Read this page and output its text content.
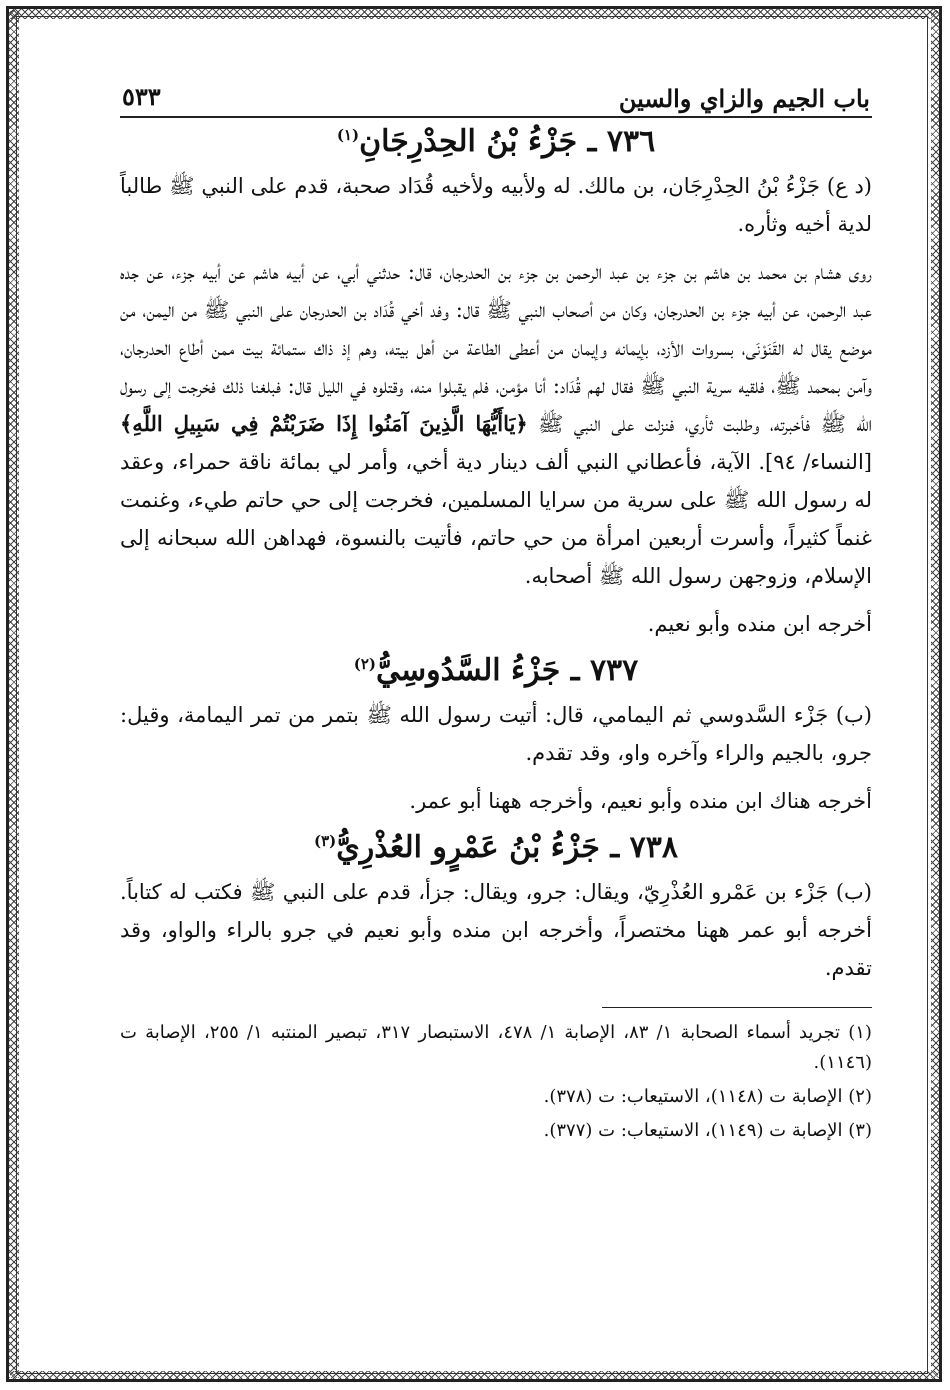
باب الجيم والزاي والسين
٥٣٣
٧٣٦ ـ جَزْءُ بْنُ الحِدْرِجَانِ$^{(١)}$

(د ع) جَزْءُ بْنُ الحِدْرِجَان، بن مالك. له ولأبيه ولأخيه قُدَاد صحبة، قدم على النبي ﷺ طالباً لدية أخيه وثأره.

روى هشام بن محمد بن هاشم بن جزء بن عبد الرحمن بن جزء بن الحدرجان، قال: حدثني أبي، عن أبيه هاشم عن أبيه جزء، عن جده عبد الرحمن، عن أبيه جزء بن الحدرجان، وكان من أصحاب النبي ﷺ قال: وفد أخي قُدَاد بن الحدرجان على النبي ﷺ من اليمن، من موضع يقال له القَنَوْنَى، بسروات الأزد، بإيمانه وإيمان من أعطى الطاعة من أهل بيته، وهم إذ ذاك ستمائة بيت ممن أطاع الحدرجان، وآمن بمحمد ﷺ، فلقيه سرية النبي ﷺ فقال لهم قُدَاد: أنا مؤمن، فلم يقبلوا منه، وقتلوه في الليل قال: فبلغنا ذلك فخرجت إلى رسول الله ﷺ فأخبرته، وطلبت ثأري، فنزلت على النبي ﷺ ﴿يَاأَيُّهَا الَّذِينَ آمَنُوا إِذَا ضَرَبْتُمْ فِي سَبِيلِ اللَّهِ﴾ [النساء/ ٩٤]. الآية، فأعطاني النبي ألف دينار دية أخي، وأمر لي بمائة ناقة حمراء، وعقد له رسول الله ﷺ على سرية من سرايا المسلمين، فخرجت إلى حي حاتم طيء، وغنمت غنماً كثيراً، وأسرت أربعين امرأة من حي حاتم، فأتيت بالنسوة، فهداهن الله سبحانه إلى الإسلام، وزوجهن رسول الله ﷺ أصحابه.

أخرجه ابن منده وأبو نعيم.

٧٣٧ ـ جَزْءُ السَّدُوسِيُّ$^{(٢)}$

(ب) جَزْء السَّدوسي ثم اليمامي، قال: أتيت رسول الله ﷺ بتمر من تمر اليمامة، وقيل: جرو، بالجيم والراء وآخره واو، وقد تقدم.

أخرجه هناك ابن منده وأبو نعيم، وأخرجه ههنا أبو عمر.

٧٣٨ ـ جَزْءُ بْنُ عَمْرٍو العُذْرِيُّ$^{(٣)}$

(ب) جَزْء بن عَمْرو العُذْرِيّ، ويقال: جرو، ويقال: جزأ، قدم على النبي ﷺ فكتب له كتاباً. أخرجه أبو عمر ههنا مختصراً، وأخرجه ابن منده وأبو نعيم في جرو بالراء والواو، وقد تقدم.

(١) تجريد أسماء الصحابة ١/ ٨٣، الإصابة ١/ ٤٧٨، الاستبصار ٣١٧، تبصير المنتبه ١/ ٢٥٥، الإصابة ت (١١٤٦).

(٢) الإصابة ت (١١٤٨)، الاستيعاب: ت (٣٧٨).

(٣) الإصابة ت (١١٤٩)، الاستيعاب: ت (٣٧٧).
